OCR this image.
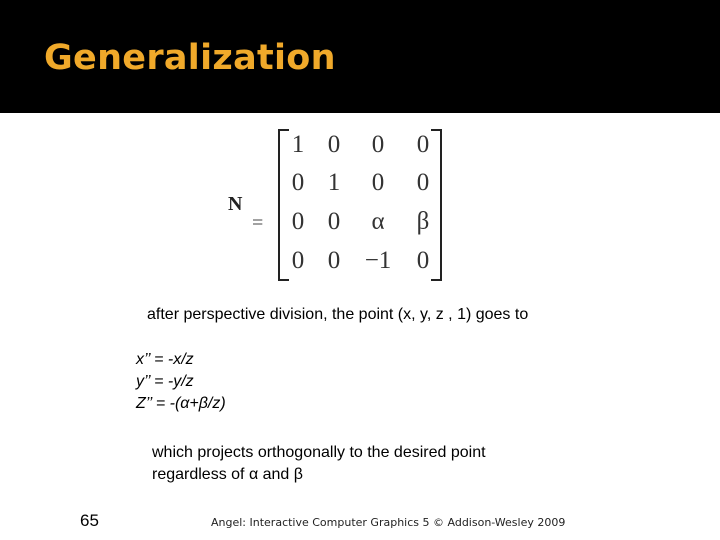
Generalization
N
=
1 0	0	0
0 1	0	0
0 0	α	β
0 0 −1	0
after perspective division, the point (x, y, z , 1) goes to
x’’ = -x/z
y’’ = -y/z
Z’’ = -(α+β/z)
which projects orthogonally to the desired point
regardless of α and β
65	Angel: Interactive Computer Graphics 5 © Addison-Wesley 2009
